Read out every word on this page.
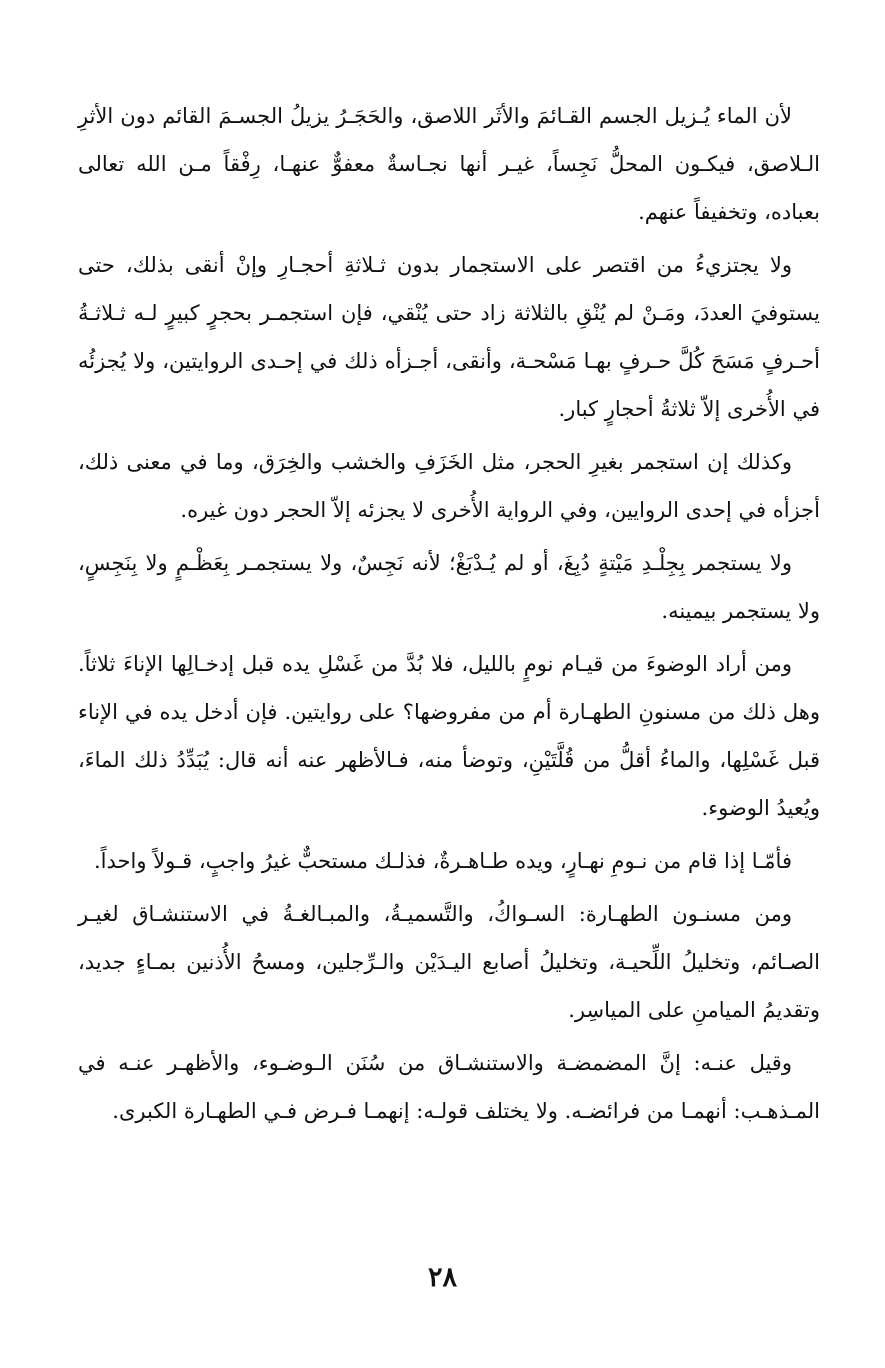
لأن الماء يُـزيل الجسم القـائمَ والأثَر اللاصق، والحَجَـرُ يزيلُ الجسـمَ القائم دون الأثرِ الـلاصق، فيكـون المحلُّ نَجِساً، غيـر أنها نجـاسةٌ معفوٌّ عنهـا، رِفْقاً مـن الله تعالى بعباده، وتخفيفاً عنهم.

ولا يجتزيءُ من اقتصر على الاستجمار بدون ثـلاثةِ أحجـارِ وإنْ أنقى بذلك، حتى يستوفيَ العددَ، ومَـنْ لم يُنْقِ بالثلاثة زاد حتى يُنْقي، فإن استجمـر بحجرٍ كبيرٍ لـه ثـلاثـةُ أحـرفٍ مَسَحَ كُلَّ حـرفٍ بهـا مَسْحـة، وأنقى، أجـزأه ذلك في إحـدى الروايتين، ولا يُجزئُه في الأُخرى إلاّ ثلاثةُ أحجارٍ كبار.

وكذلك إن استجمر بغيرِ الحجر، مثل الخَزَفِ والخشب والخِرَق، وما في معنى ذلك، أجزأه في إحدى الروايين، وفي الرواية الأُخرى لا يجزئه إلاّ الحجر دون غيره.

ولا يستجمر بِجِلْـدِ مَيْتةٍ دُبِغَ، أو لم يُـدْبَغْ؛ لأنه نَجِسٌ، ولا يستجمـر بِعَظْـمٍ ولا بِنَجِسٍ، ولا يستجمر بيمينه.

ومن أراد الوضوءَ من قيـام نومٍ بالليل، فلا بُدَّ من غَسْلِ يده قبل إدخـالِها الإناءَ ثلاثاً. وهل ذلك من مسنونِ الطهـارة أم من مفروضها؟ على روايتين. فإن أدخل يده في الإناء قبل غَسْلِها، والماءُ أقلُّ من قُلَّتَيْنِ، وتوضأ منه، فـالأظهر عنه أنه قال: يُبَدِّدُ ذلك الماءَ، ويُعيدُ الوضوء.

فأمّـا إذا قام من نـومِ نهـارٍ، ويده طـاهـرةٌ، فذلـك مستحبٌّ غيرُ واجبٍ، قـولاً واحداً.

ومن مسنـون الطهـارة: السـواكُ، والتَّسميـةُ، والمبـالغـةُ في الاستنشـاق لغيـر الصـائم، وتخليلُ اللِّحيـة، وتخليلُ أصابع اليـدَيْن والـرِّجلين، ومسحُ الأُذنين بمـاءٍ جديد، وتقديمُ الميامنِ على المياسِر.

وقيل عنـه: إنَّ المضمضـة والاستنشـاق من سُنَن الـوضـوء، والأظهـر عنـه في المـذهـب: أنهمـا من فرائضـه. ولا يختلف قولـه: إنهمـا فـرض فـي الطهـارة الكبرى.

٢٨
